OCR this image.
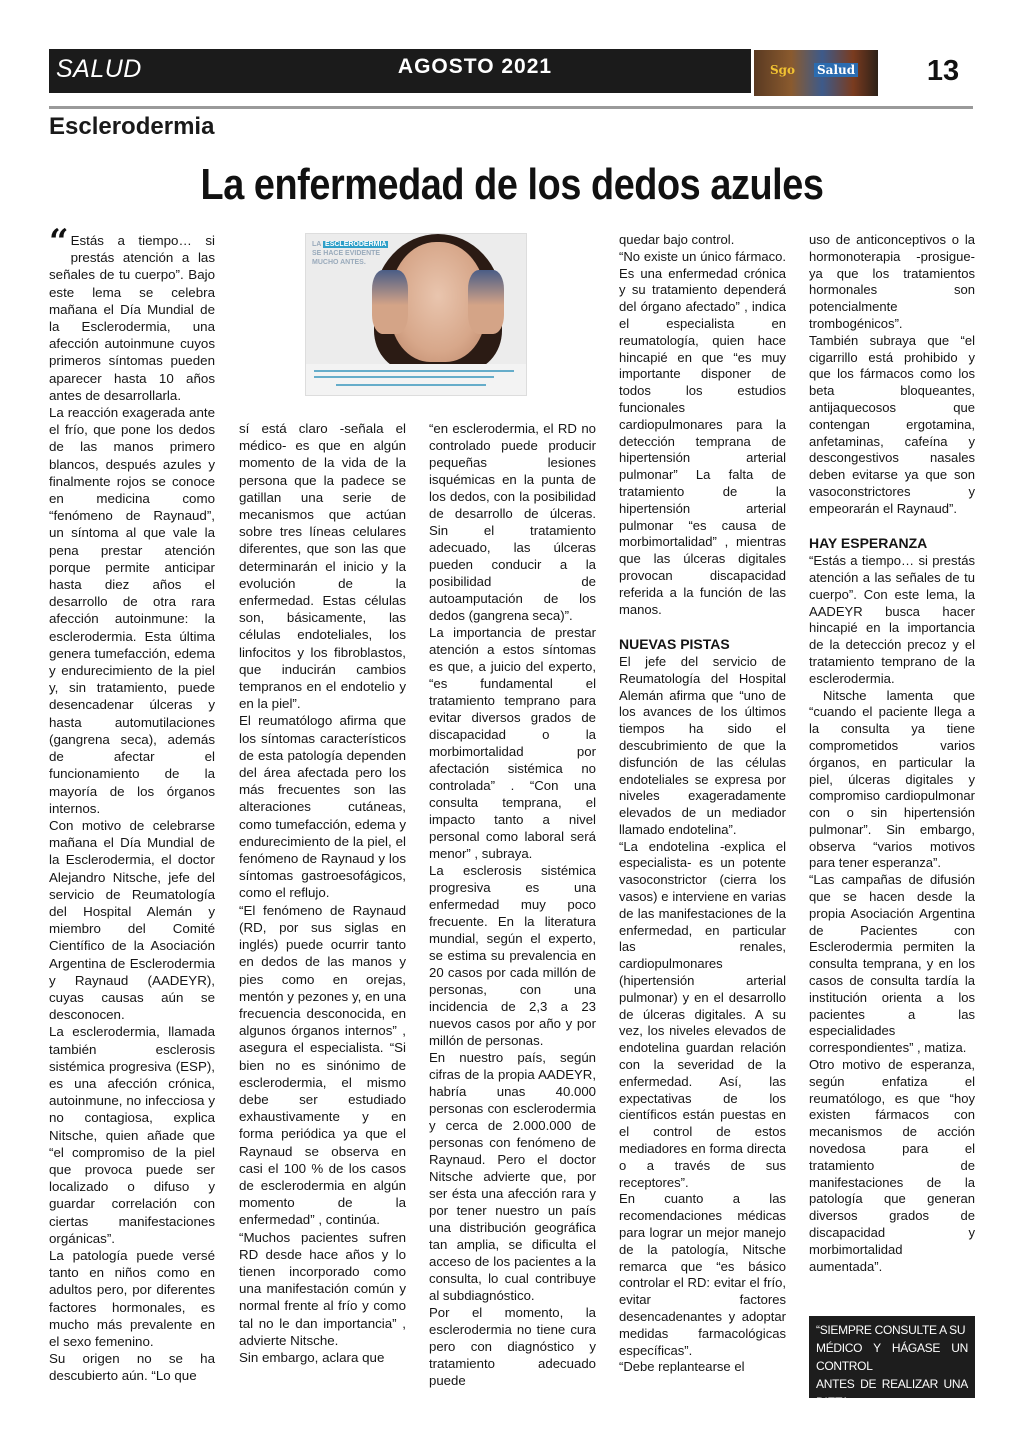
SALUD	AGOSTO 2021	Sgo Salud	13
Esclerodermia
La enfermedad de los dedos azules
LA ESCLERODERMIA
SE HACE EVIDENTE
MUCHO ANTES.

“ Estás a tiempo… si prestás atención a las señales de tu cuerpo”. Bajo este lema se celebra mañana el Día Mundial de la Esclerodermia, una afección autoinmune cuyos primeros síntomas pueden aparecer hasta 10 años antes de desarrollarla.

La reacción exagerada ante el frío, que pone los dedos de las manos primero blancos, después azules y finalmente rojos se conoce en medicina como “fenómeno de Raynaud”, un síntoma al que vale la pena prestar atención porque permite anticipar hasta diez años el desarrollo de otra rara afección autoinmune: la esclerodermia. Esta última genera tumefacción, edema y endurecimiento de la piel y, sin tratamiento, puede desencadenar úlceras y hasta automutilaciones (gangrena seca), además de afectar el funcionamiento de la mayoría de los órganos internos.

Con motivo de celebrarse mañana el Día Mundial de la Esclerodermia, el doctor Alejandro Nitsche, jefe del servicio de Reumatología del Hospital Alemán y miembro del Comité Científico de la Asociación Argentina de Esclerodermia y Raynaud (AADEYR), cuyas causas aún se desconocen.

La esclerodermia, llamada también esclerosis sistémica progresiva (ESP), es una afección crónica, autoinmune, no infecciosa y no contagiosa, explica Nitsche, quien añade que “el compromiso de la piel que provoca puede ser localizado o difuso y guardar correlación con ciertas manifestaciones orgánicas”.

La patología puede versé tanto en niños como en adultos pero, por diferentes factores hormonales, es mucho más prevalente en el sexo femenino.

Su origen no se ha descubierto aún. “Lo que

sí está claro -señala el médico- es que en algún momento de la vida de la persona que la padece se gatillan una serie de mecanismos que actúan sobre tres líneas celulares diferentes, que son las que determinarán el inicio y la evolución de la enfermedad. Estas células son, básicamente, las células endoteliales, los linfocitos y los fibroblastos, que inducirán cambios tempranos en el endotelio y en la piel”.

El reumatólogo afirma que los síntomas característicos de esta patología dependen del área afectada pero los más frecuentes son las alteraciones cutáneas, como tumefacción, edema y endurecimiento de la piel, el fenómeno de Raynaud y los síntomas gastroesofágicos, como el reflujo.

“El fenómeno de Raynaud (RD, por sus siglas en inglés) puede ocurrir tanto en dedos de las manos y pies como en orejas, mentón y pezones y, en una frecuencia desconocida, en algunos órganos internos” , asegura el especialista. “Si bien no es sinónimo de esclerodermia, el mismo debe ser estudiado exhaustivamente y en forma periódica ya que el Raynaud se observa en casi el 100 % de los casos de esclerodermia en algún momento de la enfermedad” , continúa.

“Muchos pacientes sufren RD desde hace años y lo tienen incorporado como una manifestación común y normal frente al frío y como tal no le dan importancia” , advierte Nitsche.

Sin embargo, aclara que

“en esclerodermia, el RD no controlado puede producir pequeñas lesiones isquémicas en la punta de los dedos, con la posibilidad de desarrollo de úlceras. Sin el tratamiento adecuado, las úlceras pueden conducir a la posibilidad de autoamputación de los dedos (gangrena seca)”.

La importancia de prestar atención a estos síntomas es que, a juicio del experto, “es fundamental el tratamiento temprano para evitar diversos grados de discapacidad o la morbimortalidad por afectación sistémica no controlada” . “Con una consulta temprana, el impacto tanto a nivel personal como laboral será menor” , subraya.

La esclerosis sistémica progresiva es una enfermedad muy poco frecuente. En la literatura mundial, según el experto, se estima su prevalencia en 20 casos por cada millón de personas, con una incidencia de 2,3 a 23 nuevos casos por año y por millón de personas.

En nuestro país, según cifras de la propia AADEYR, habría unas 40.000 personas con esclerodermia y cerca de 2.000.000 de personas con fenómeno de Raynaud. Pero el doctor Nitsche advierte que, por ser ésta una afección rara y por tener nuestro un país una distribución geográfica tan amplia, se dificulta el acceso de los pacientes a la consulta, lo cual contribuye al subdiagnóstico.

Por el momento, la esclerodermia no tiene cura pero con diagnóstico y tratamiento adecuado puede

quedar bajo control.

“No existe un único fármaco. Es una enfermedad crónica y su tratamiento dependerá del órgano afectado” , indica el especialista en reumatología, quien hace hincapié en que “es muy importante disponer de todos los estudios funcionales cardiopulmonares para la detección temprana de hipertensión arterial pulmonar” La falta de tratamiento de la hipertensión arterial pulmonar “es causa de morbimortalidad” , mientras que las úlceras digitales provocan discapacidad referida a la función de las manos.

NUEVAS PISTAS

El jefe del servicio de Reumatología del Hospital Alemán afirma que “uno de los avances de los últimos tiempos ha sido el descubrimiento de que la disfunción de las células endoteliales se expresa por niveles exageradamente elevados de un mediador llamado endotelina”.

“La endotelina -explica el especialista- es un potente vasoconstrictor (cierra los vasos) e interviene en varias de las manifestaciones de la enfermedad, en particular las renales, cardiopulmonares (hipertensión arterial pulmonar) y en el desarrollo de úlceras digitales. A su vez, los niveles elevados de endotelina guardan relación con la severidad de la enfermedad. Así, las expectativas de los científicos están puestas en el control de estos mediadores en forma directa o a través de sus receptores”.

En cuanto a las recomendaciones médicas para lograr un mejor manejo de la patología, Nitsche remarca que “es básico controlar el RD: evitar el frío, evitar factores desencadenantes y adoptar medidas farmacológicas específicas”.

“Debe replantearse el

uso de anticonceptivos o la hormonoterapia -prosigue- ya que los tratamientos hormonales son potencialmente trombogénicos”.

También subraya que “el cigarrillo está prohibido y que los fármacos como los beta bloqueantes, antijaquecosos que contengan ergotamina, anfetaminas, cafeína y descongestivos nasales deben evitarse ya que son vasoconstrictores y empeorarán el Raynaud”.

HAY ESPERANZA

“Estás a tiempo… si prestás atención a las señales de tu cuerpo”. Con este lema, la AADEYR busca hacer hincapié en la importancia de la detección precoz y el tratamiento temprano de la esclerodermia.

Nitsche lamenta que “cuando el paciente llega a la consulta ya tiene comprometidos varios órganos, en particular la piel, úlceras digitales y compromiso cardiopulmonar con o sin hipertensión pulmonar”. Sin embargo, observa “varios motivos para tener esperanza”.

“Las campañas de difusión que se hacen desde la propia Asociación Argentina de Pacientes con Esclerodermia permiten la consulta temprana, y en los casos de consulta tardía la institución orienta a los pacientes a las especialidades correspondientes” , matiza.

Otro motivo de esperanza, según enfatiza el reumatólogo, es que “hoy existen fármacos con mecanismos de acción novedosa para el tratamiento de manifestaciones de la patología que generan diversos grados de discapacidad y morbimortalidad aumentada”.

“SIEMPRE CONSULTE A SU
MÉDICO Y HÁGASE UN CONTROL
ANTES DE REALIZAR UNA DIETA
O ACTIVIDAD FÍSICA”
